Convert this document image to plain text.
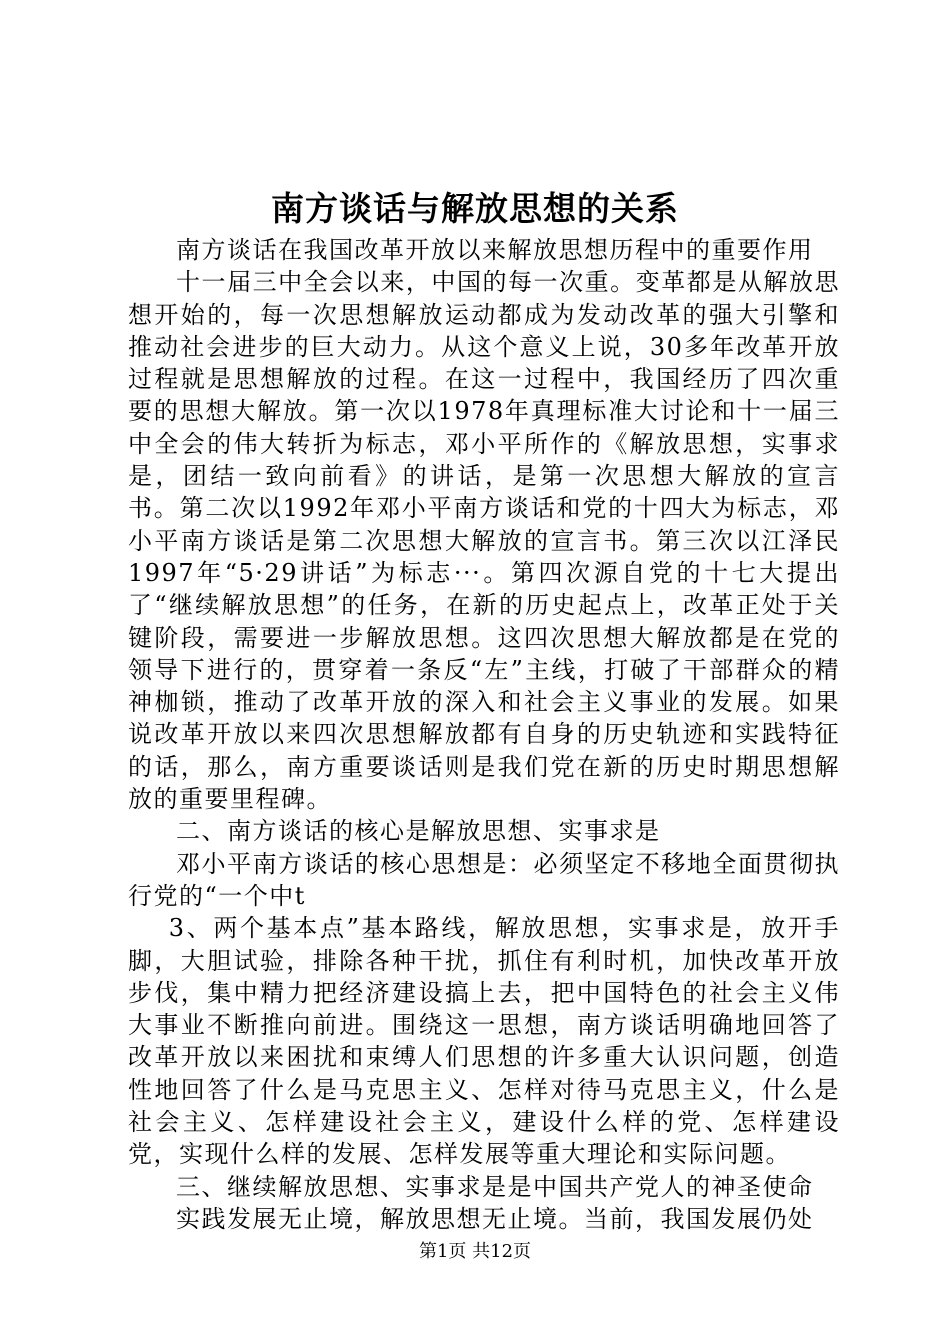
南方谈话与解放思想的关系

南方谈话在我国改革开放以来解放思想历程中的重要作用

十一届三中全会以来，中国的每一次重。变革都是从解放思想开始的，每一次思想解放运动都成为发动改革的强大引擎和推动社会进步的巨大动力。从这个意义上说，30多年改革开放过程就是思想解放的过程。在这一过程中，我国经历了四次重要的思想大解放。第一次以1978年真理标准大讨论和十一届三中全会的伟大转折为标志，邓小平所作的《解放思想，实事求是，团结一致向前看》的讲话，是第一次思想大解放的宣言书。第二次以1992年邓小平南方谈话和党的十四大为标志，邓小平南方谈话是第二次思想大解放的宣言书。第三次以江泽民1997年“5·29讲话”为标志···。第四次源自党的十七大提出了“继续解放思想”的任务，在新的历史起点上，改革正处于关键阶段，需要进一步解放思想。这四次思想大解放都是在党的领导下进行的，贯穿着一条反“左”主线，打破了干部群众的精神枷锁，推动了改革开放的深入和社会主义事业的发展。如果说改革开放以来四次思想解放都有自身的历史轨迹和实践特征的话，那么，南方重要谈话则是我们党在新的历史时期思想解放的重要里程碑。

二、南方谈话的核心是解放思想、实事求是

邓小平南方谈话的核心思想是：必须坚定不移地全面贯彻执行党的“一个中t

3、两个基本点”基本路线，解放思想，实事求是，放开手脚，大胆试验，排除各种干扰，抓住有利时机，加快改革开放步伐，集中精力把经济建设搞上去，把中国特色的社会主义伟大事业不断推向前进。围绕这一思想，南方谈话明确地回答了改革开放以来困扰和束缚人们思想的许多重大认识问题，创造性地回答了什么是马克思主义、怎样对待马克思主义，什么是社会主义、怎样建设社会主义，建设什么样的党、怎样建设党，实现什么样的发展、怎样发展等重大理论和实际问题。

三、继续解放思想、实事求是是中国共产党人的神圣使命

实践发展无止境，解放思想无止境。当前，我国发展仍处

第1页 共12页
